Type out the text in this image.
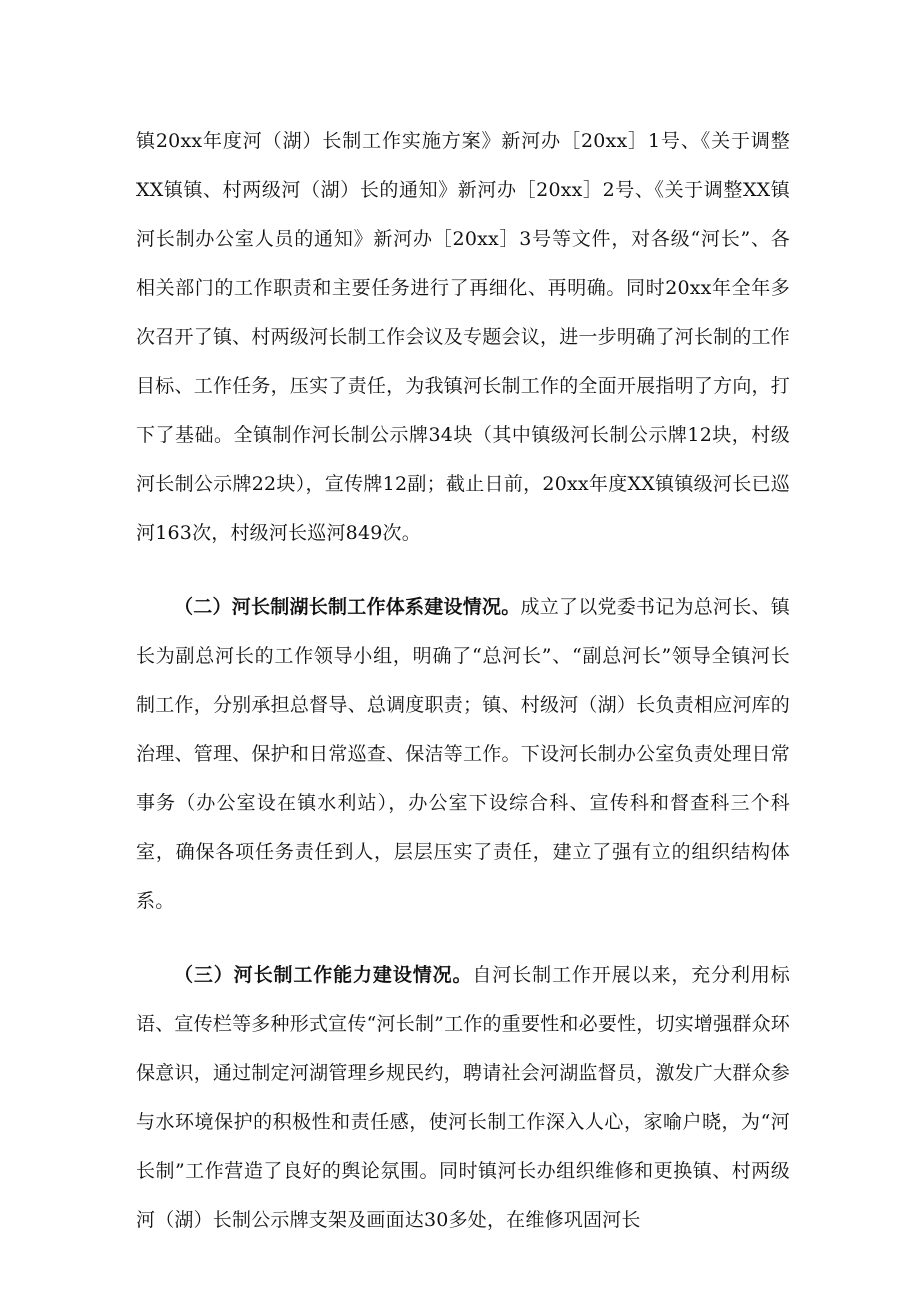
镇20xx年度河（湖）长制工作实施方案》新河办［20xx］1号、《关于调整XX镇镇、村两级河（湖）长的通知》新河办［20xx］2号、《关于调整XX镇河长制办公室人员的通知》新河办［20xx］3号等文件，对各级“河长”、各相关部门的工作职责和主要任务进行了再细化、再明确。同时20xx年全年多次召开了镇、村两级河长制工作会议及专题会议，进一步明确了河长制的工作目标、工作任务，压实了责任，为我镇河长制工作的全面开展指明了方向，打下了基础。全镇制作河长制公示牌34块（其中镇级河长制公示牌12块，村级河长制公示牌22块），宣传牌12副；截止日前，20xx年度XX镇镇级河长已巡河163次，村级河长巡河849次。

（二）河长制湖长制工作体系建设情况。成立了以党委书记为总河长、镇长为副总河长的工作领导小组，明确了“总河长”、“副总河长”领导全镇河长制工作，分别承担总督导、总调度职责；镇、村级河（湖）长负责相应河库的治理、管理、保护和日常巡查、保洁等工作。下设河长制办公室负责处理日常事务（办公室设在镇水利站），办公室下设综合科、宣传科和督查科三个科室，确保各项任务责任到人，层层压实了责任，建立了强有立的组织结构体系。

（三）河长制工作能力建设情况。自河长制工作开展以来，充分利用标语、宣传栏等多种形式宣传“河长制”工作的重要性和必要性，切实增强群众环保意识，通过制定河湖管理乡规民约，聘请社会河湖监督员，激发广大群众参与水环境保护的积极性和责任感，使河长制工作深入人心，家喻户晓，为“河长制”工作营造了良好的舆论氛围。同时镇河长办组织维修和更换镇、村两级河（湖）长制公示牌支架及画面达30多处，在维修巩固河长
